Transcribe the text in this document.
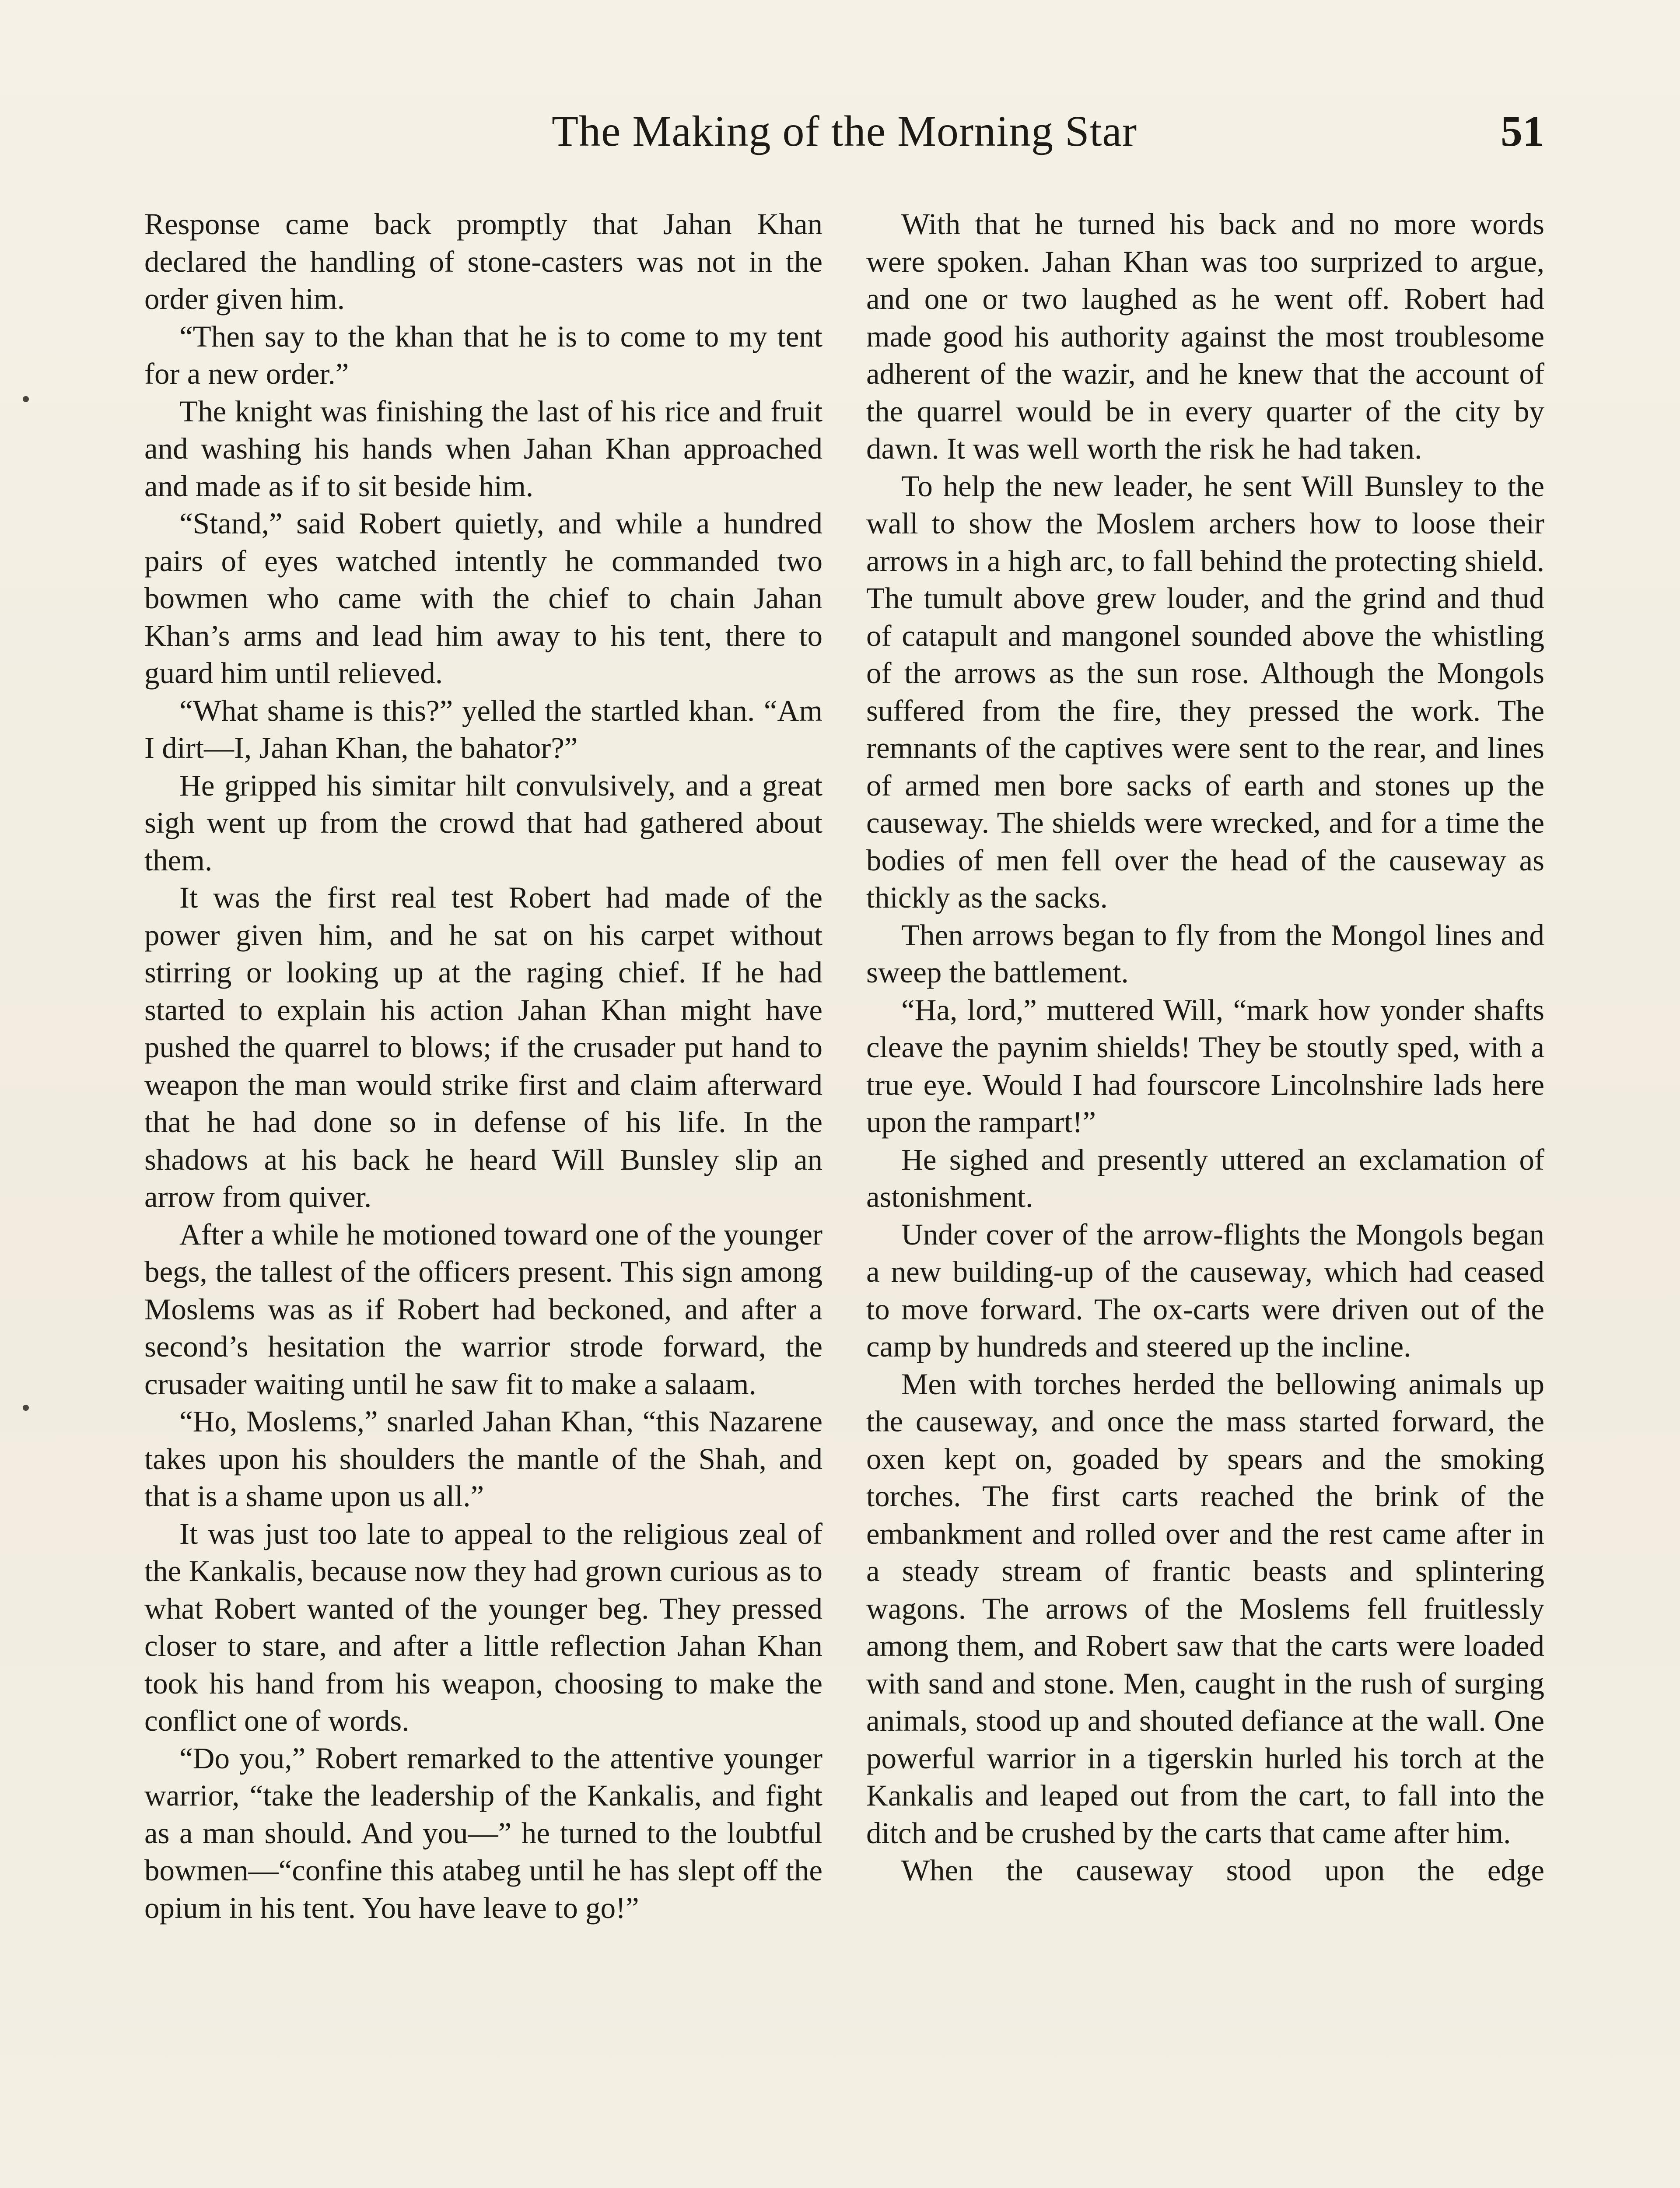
The Making of the Morning Star	51

Response came back promptly that Jahan Khan declared the handling of stone-casters was not in the order given him.

“Then say to the khan that he is to come to my tent for a new order.”

The knight was finishing the last of his rice and fruit and washing his hands when Jahan Khan approached and made as if to sit beside him.

“Stand,” said Robert quietly, and while a hundred pairs of eyes watched intently he commanded two bowmen who came with the chief to chain Jahan Khan’s arms and lead him away to his tent, there to guard him until relieved.

“What shame is this?” yelled the startled khan. “Am I dirt—I, Jahan Khan, the bahator?”

He gripped his simitar hilt convulsively, and a great sigh went up from the crowd that had gathered about them.

It was the first real test Robert had made of the power given him, and he sat on his carpet without stirring or looking up at the raging chief. If he had started to explain his action Jahan Khan might have pushed the quarrel to blows; if the crusader put hand to weapon the man would strike first and claim afterward that he had done so in defense of his life. In the shadows at his back he heard Will Bunsley slip an arrow from quiver.

After a while he motioned toward one of the younger begs, the tallest of the officers present. This sign among Moslems was as if Robert had beckoned, and after a second’s hesitation the warrior strode forward, the crusader waiting until he saw fit to make a salaam.

“Ho, Moslems,” snarled Jahan Khan, “this Nazarene takes upon his shoulders the mantle of the Shah, and that is a shame upon us all.”

It was just too late to appeal to the religious zeal of the Kankalis, because now they had grown curious as to what Robert wanted of the younger beg. They pressed closer to stare, and after a little reflection Jahan Khan took his hand from his weapon, choosing to make the conflict one of words.

“Do you,” Robert remarked to the attentive younger warrior, “take the leadership of the Kankalis, and fight as a man should. And you—” he turned to the loubtful bowmen—“confine this atabeg until he has slept off the opium in his tent. You have leave to go!”

With that he turned his back and no more words were spoken. Jahan Khan was too surprized to argue, and one or two laughed as he went off. Robert had made good his authority against the most troublesome adherent of the wazir, and he knew that the account of the quarrel would be in every quarter of the city by dawn. It was well worth the risk he had taken.

To help the new leader, he sent Will Bunsley to the wall to show the Moslem archers how to loose their arrows in a high arc, to fall behind the protecting shield. The tumult above grew louder, and the grind and thud of catapult and mangonel sounded above the whistling of the arrows as the sun rose. Although the Mongols suffered from the fire, they pressed the work. The remnants of the captives were sent to the rear, and lines of armed men bore sacks of earth and stones up the causeway. The shields were wrecked, and for a time the bodies of men fell over the head of the causeway as thickly as the sacks.

Then arrows began to fly from the Mongol lines and sweep the battlement.

“Ha, lord,” muttered Will, “mark how yonder shafts cleave the paynim shields! They be stoutly sped, with a true eye. Would I had fourscore Lincolnshire lads here upon the rampart!”

He sighed and presently uttered an exclamation of astonishment.

Under cover of the arrow-flights the Mongols began a new building-up of the causeway, which had ceased to move forward. The ox-carts were driven out of the camp by hundreds and steered up the incline.

Men with torches herded the bellowing animals up the causeway, and once the mass started forward, the oxen kept on, goaded by spears and the smoking torches. The first carts reached the brink of the embankment and rolled over and the rest came after in a steady stream of frantic beasts and splintering wagons. The arrows of the Moslems fell fruitlessly among them, and Robert saw that the carts were loaded with sand and stone. Men, caught in the rush of surging animals, stood up and shouted defiance at the wall. One powerful warrior in a tigerskin hurled his torch at the Kankalis and leaped out from the cart, to fall into the ditch and be crushed by the carts that came after him.

When the causeway stood upon the edge
